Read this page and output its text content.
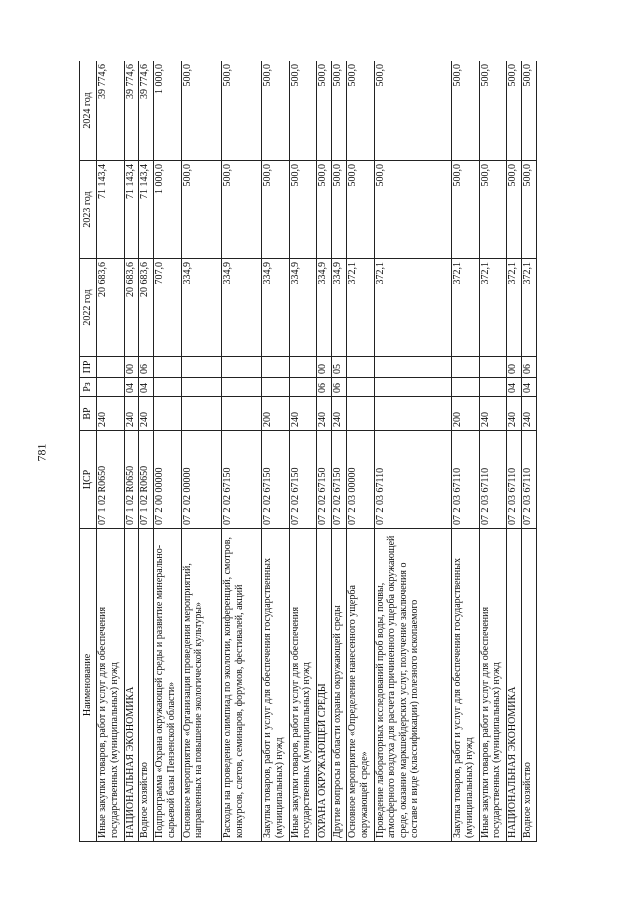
781
Наименование	ЦСР	ВР	Рз	ПР	2022 год	2023 год	2024 год
Иные закупки товаров, работ и услуг для обеспечения государственных (муниципальных) нужд	07 1 02 R0650	240			20 683,6	71 143,4	39 774,6
НАЦИОНАЛЬНАЯ ЭКОНОМИКА	07 1 02 R0650	240	04	00	20 683,6	71 143,4	39 774,6
Водное хозяйство	07 1 02 R0650	240	04	06	20 683,6	71 143,4	39 774,6
Подпрограмма «Охрана окружающей среды и развитие минерально-сырьевой базы Пензенской области»	07 2 00 00000				707,0	1 000,0	1 000,0
Основное мероприятие «Организация проведения мероприятий, направленных на повышение экологической культуры»	07 2 02 00000				334,9	500,0	500,0
Расходы на проведение олимпиад по экологии, конференций, смотров, конкурсов, слетов, семинаров, форумов, фестивалей, акций	07 2 02 67150				334,9	500,0	500,0
Закупка товаров, работ и услуг для обеспечения государственных (муниципальных) нужд	07 2 02 67150	200			334,9	500,0	500,0
Иные закупки товаров, работ и услуг для обеспечения государственных (муниципальных) нужд	07 2 02 67150	240			334,9	500,0	500,0
ОХРАНА ОКРУЖАЮЩЕЙ СРЕДЫ	07 2 02 67150	240	06	00	334,9	500,0	500,0
Другие вопросы в области охраны окружающей среды	07 2 02 67150	240	06	05	334,9	500,0	500,0
Основное мероприятие «Определение нанесенного ущерба окружающей среде»	07 2 03 00000				372,1	500,0	500,0
Проведение лабораторных исследований проб воды, почвы, атмосферного воздуха для расчета причиненного ущерба окружающей среде, оказание маркшейдерских услуг, получение заключения о составе и виде (классификации) полезного ископаемого	07 2 03 67110				372,1	500,0	500,0
Закупка товаров, работ и услуг для обеспечения государственных (муниципальных) нужд	07 2 03 67110	200			372,1	500,0	500,0
Иные закупки товаров, работ и услуг для обеспечения государственных (муниципальных) нужд	07 2 03 67110	240			372,1	500,0	500,0
НАЦИОНАЛЬНАЯ ЭКОНОМИКА	07 2 03 67110	240	04	00	372,1	500,0	500,0
Водное хозяйство	07 2 03 67110	240	04	06	372,1	500,0	500,0
